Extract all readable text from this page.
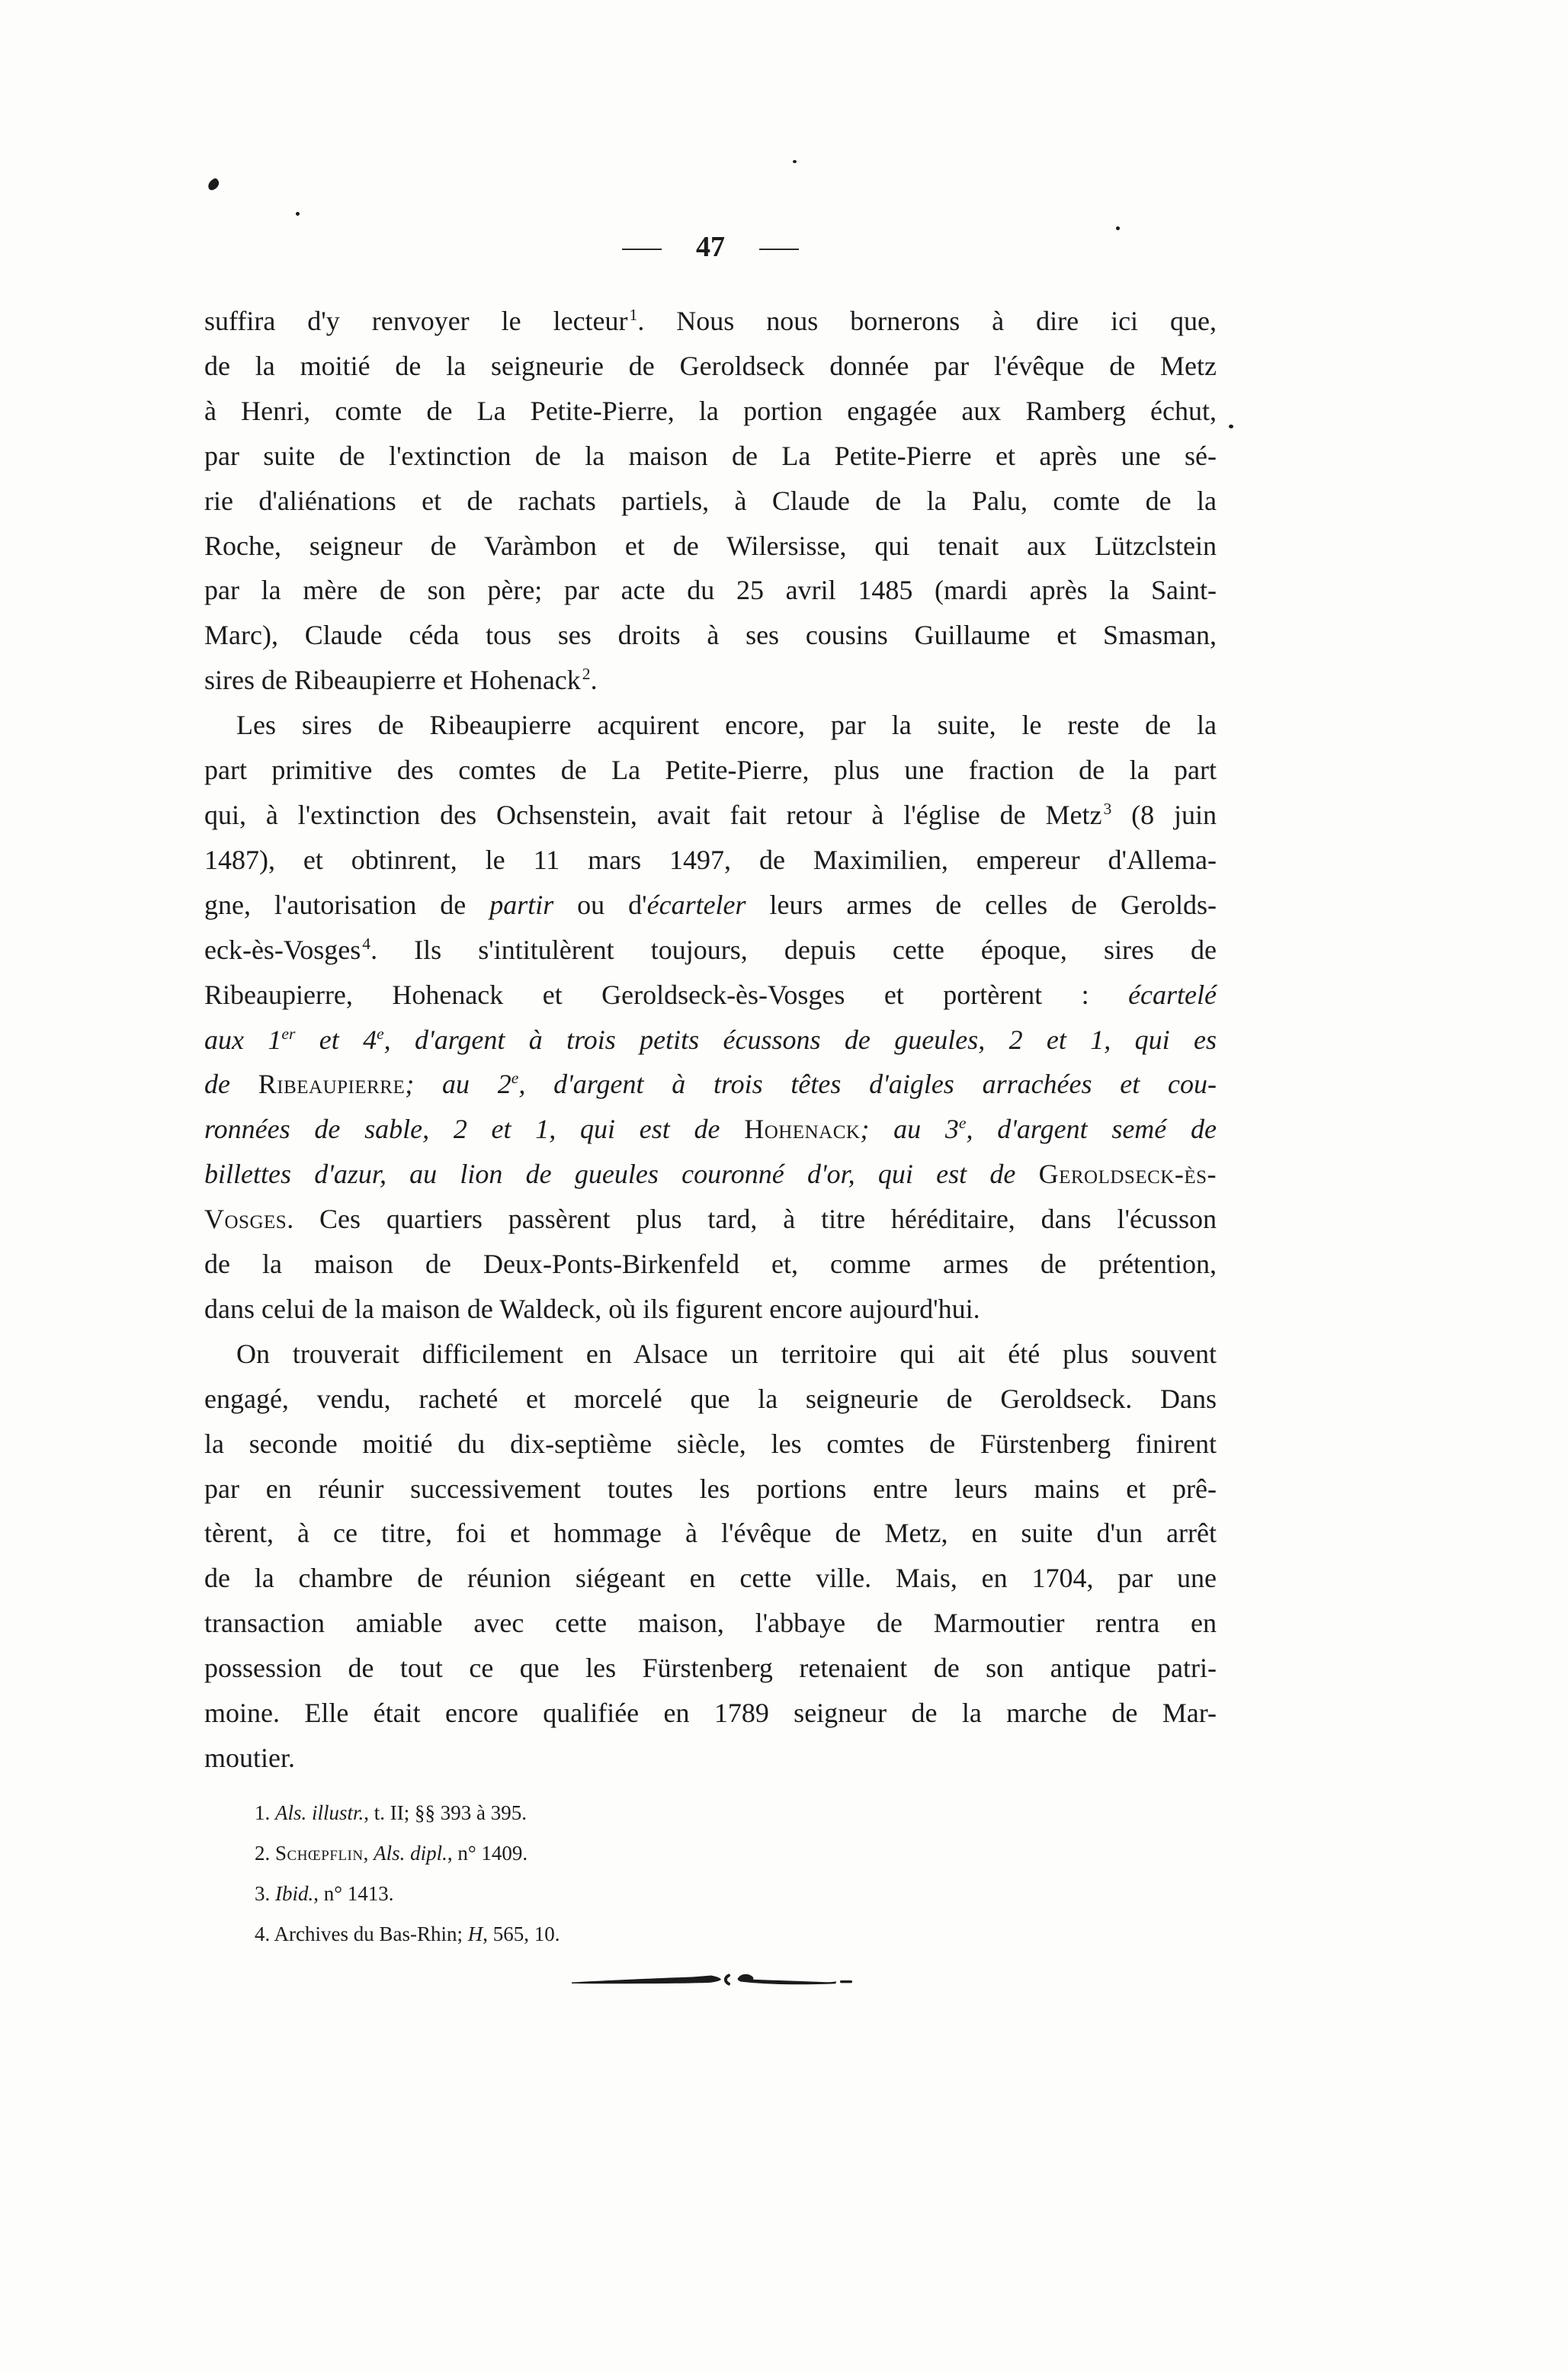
— 47 —
suffira d'y renvoyer le lecteur$^1$. Nous nous bornerons à dire ici que,
de la moitié de la seigneurie de Geroldseck donnée par l'évêque de Metz
à Henri, comte de La Petite-Pierre, la portion engagée aux Ramberg échut,
par suite de l'extinction de la maison de La Petite-Pierre et après une sé-
rie d'aliénations et de rachats partiels, à Claude de la Palu, comte de la
Roche, seigneur de Varàmbon et de Wilersisse, qui tenait aux Lützclstein
par la mère de son père; par acte du 25 avril 1485 (mardi après la Saint-
Marc), Claude céda tous ses droits à ses cousins Guillaume et Smasman,
sires de Ribeaupierre et Hohenack$^2$.
Les sires de Ribeaupierre acquirent encore, par la suite, le reste de la
part primitive des comtes de La Petite-Pierre, plus une fraction de la part
qui, à l'extinction des Ochsenstein, avait fait retour à l'église de Metz$^3$ (8 juin
1487), et obtinrent, le 11 mars 1497, de Maximilien, empereur d'Allema-
gne, l'autorisation de partir ou d'écarteler leurs armes de celles de Gerolds-
eck-ès-Vosges$^4$. Ils s'intitulèrent toujours, depuis cette époque, sires de
Ribeaupierre, Hohenack et Geroldseck-ès-Vosges et portèrent : écartelé
aux 1er et 4e, d'argent à trois petits écussons de gueules, 2 et 1, qui es
de Ribeaupierre; au 2e, d'argent à trois têtes d'aigles arrachées et cou-
ronnées de sable, 2 et 1, qui est de Hohenack; au 3e, d'argent semé de
billettes d'azur, au lion de gueules couronné d'or, qui est de Geroldseck-ès-
Vosges. Ces quartiers passèrent plus tard, à titre héréditaire, dans l'écusson
de la maison de Deux-Ponts-Birkenfeld et, comme armes de prétention,
dans celui de la maison de Waldeck, où ils figurent encore aujourd'hui.
On trouverait difficilement en Alsace un territoire qui ait été plus souvent
engagé, vendu, racheté et morcelé que la seigneurie de Geroldseck. Dans
la seconde moitié du dix-septième siècle, les comtes de Fürstenberg finirent
par en réunir successivement toutes les portions entre leurs mains et prê-
tèrent, à ce titre, foi et hommage à l'évêque de Metz, en suite d'un arrêt
de la chambre de réunion siégeant en cette ville. Mais, en 1704, par une
transaction amiable avec cette maison, l'abbaye de Marmoutier rentra en
possession de tout ce que les Fürstenberg retenaient de son antique patri-
moine. Elle était encore qualifiée en 1789 seigneur de la marche de Mar-
moutier.
1. Als. illustr., t. II; §§ 393 à 395.
2. Schœpflin, Als. dipl., n° 1409.
3. Ibid., n° 1413.
4. Archives du Bas-Rhin; H, 565, 10.
